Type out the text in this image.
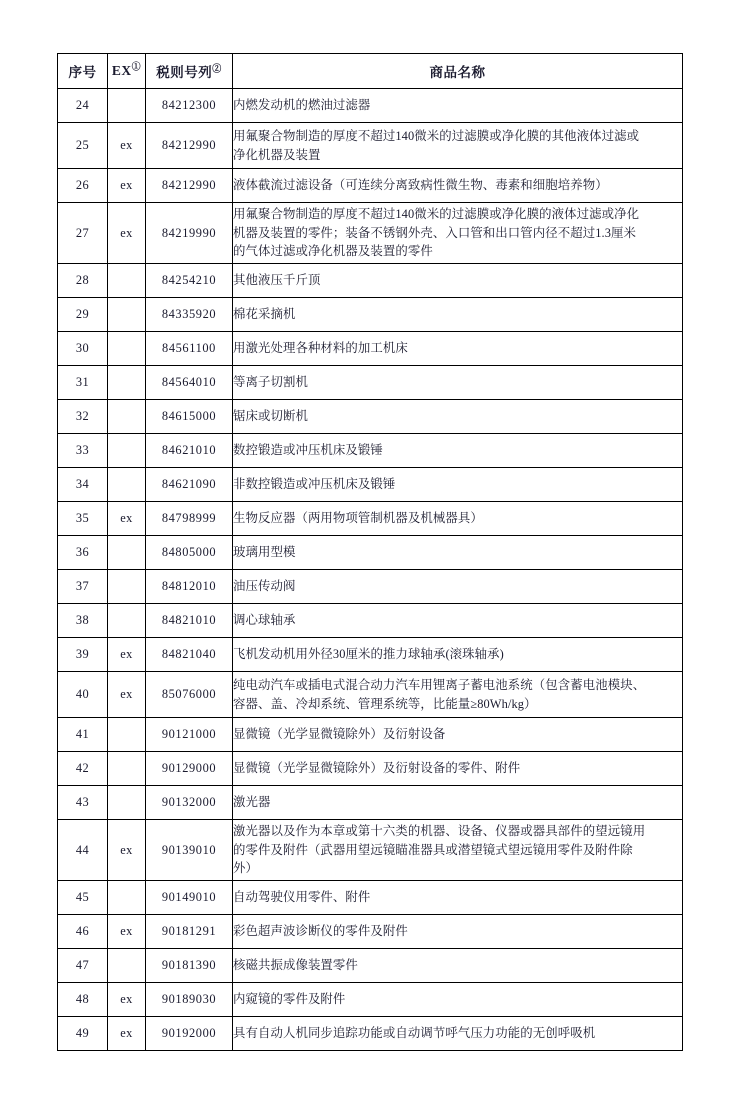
序号	EX①	税则号列②	商品名称
24		84212300	内燃发动机的燃油过滤器

25	ex	84212990	用氟聚合物制造的厚度不超过140微米的过滤膜或净化膜的其他液体过滤或
净化机器及装置

26	ex	84212990	液体截流过滤设备（可连续分离致病性微生物、毒素和细胞培养物）

27	ex	84219990	用氟聚合物制造的厚度不超过140微米的过滤膜或净化膜的液体过滤或净化
机器及装置的零件；装备不锈钢外壳、入口管和出口管内径不超过1.3厘米
的气体过滤或净化机器及装置的零件

28		84254210	其他液压千斤顶

29		84335920	棉花采摘机

30		84561100	用激光处理各种材料的加工机床

31		84564010	等离子切割机

32		84615000	锯床或切断机

33		84621010	数控锻造或冲压机床及锻锤

34		84621090	非数控锻造或冲压机床及锻锤

35	ex	84798999	生物反应器（两用物项管制机器及机械器具）

36		84805000	玻璃用型模

37		84812010	油压传动阀

38		84821010	调心球轴承

39	ex	84821040	飞机发动机用外径30厘米的推力球轴承(滚珠轴承)

40	ex	85076000	纯电动汽车或插电式混合动力汽车用锂离子蓄电池系统（包含蓄电池模块、
容器、盖、冷却系统、管理系统等，比能量≥80Wh/kg）

41		90121000	显微镜（光学显微镜除外）及衍射设备

42		90129000	显微镜（光学显微镜除外）及衍射设备的零件、附件

43		90132000	激光器

44	ex	90139010	激光器以及作为本章或第十六类的机器、设备、仪器或器具部件的望远镜用
的零件及附件（武器用望远镜瞄准器具或潜望镜式望远镜用零件及附件除
外）

45		90149010	自动驾驶仪用零件、附件

46	ex	90181291	彩色超声波诊断仪的零件及附件

47		90181390	核磁共振成像装置零件

48	ex	90189030	内窥镜的零件及附件

49	ex	90192000	具有自动人机同步追踪功能或自动调节呼气压力功能的无创呼吸机
